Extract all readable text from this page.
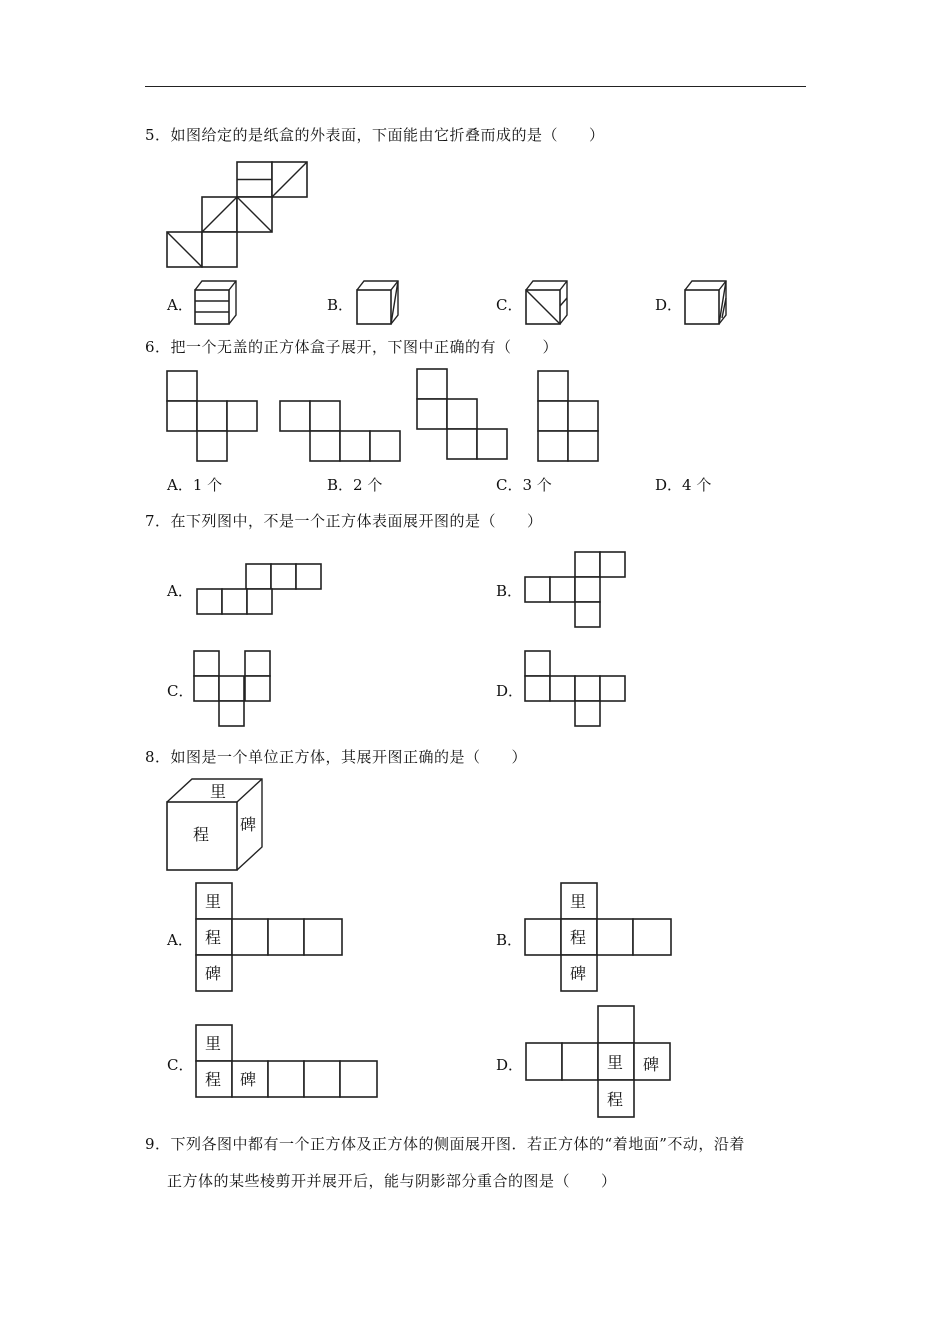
5．如图给定的是纸盒的外表面，下面能由它折叠而成的是（　　）
A．	B．	C．	D．
6．把一个无盖的正方体盒子展开，下图中正确的有（　　）
A．1 个	B．2 个	C．3 个	D．4 个
7．在下列图中，不是一个正方体表面展开图的是（　　）
A．	B．
C．	D．
8．如图是一个单位正方体，其展开图正确的是（　　）
里
程
碑
里
程
碑
里
程
碑
里
程 碑
里 碑
程
A．	B．
C．	D．
9．下列各图中都有一个正方体及正方体的侧面展开图．若正方体的“着地面”不动，沿着
正方体的某些棱剪开并展开后，能与阴影部分重合的图是（　　）
